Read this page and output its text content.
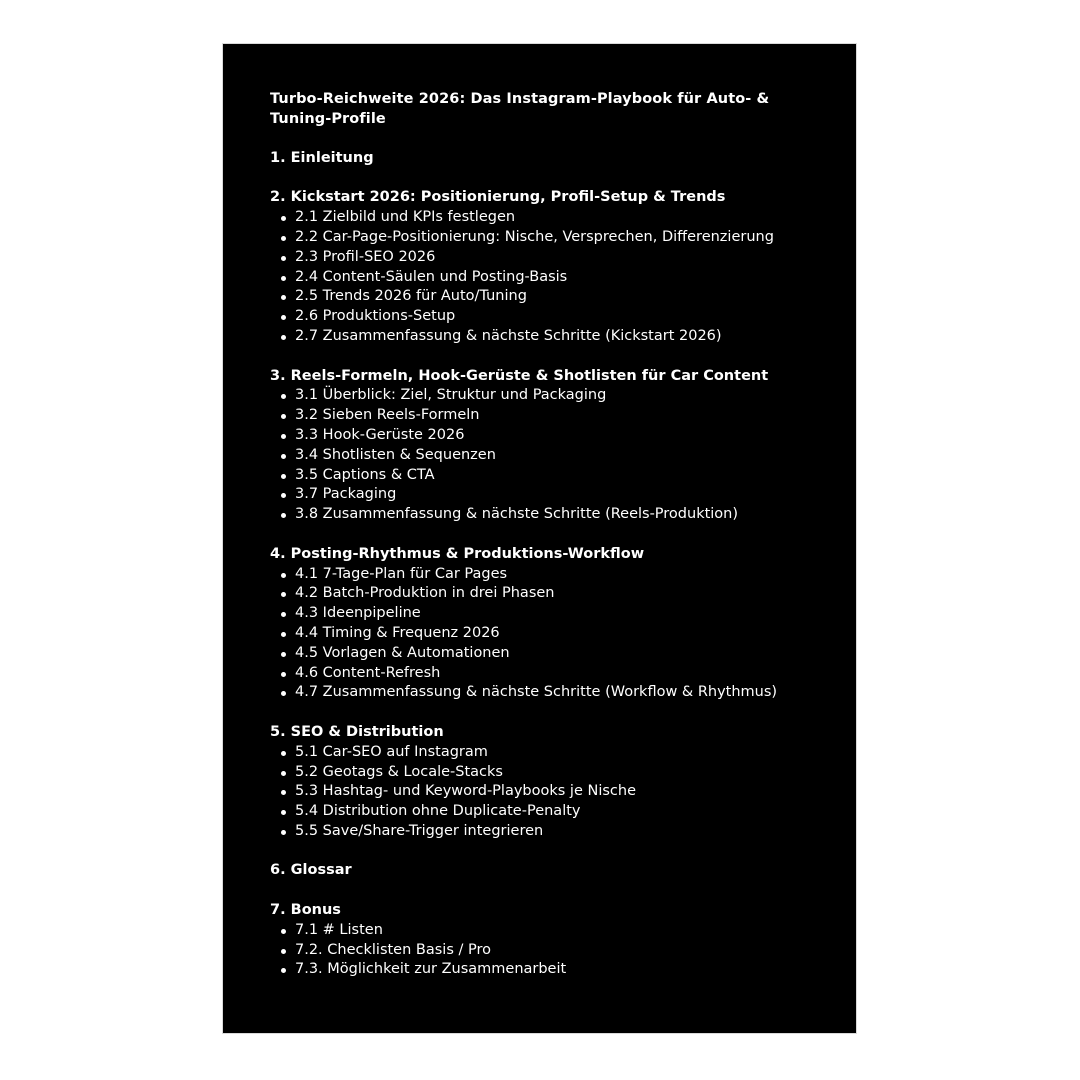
Turbo-Reichweite 2026: Das Instagram-Playbook für Auto- & Tuning-Profile
1. Einleitung
2. Kickstart 2026: Positionierung, Profil-Setup & Trends
2.1 Zielbild und KPIs festlegen
2.2 Car-Page-Positionierung: Nische, Versprechen, Differenzierung
2.3 Profil-SEO 2026
2.4 Content-Säulen und Posting-Basis
2.5 Trends 2026 für Auto/Tuning
2.6 Produktions-Setup
2.7 Zusammenfassung & nächste Schritte (Kickstart 2026)
3. Reels-Formeln, Hook-Gerüste & Shotlisten für Car Content
3.1 Überblick: Ziel, Struktur und Packaging
3.2 Sieben Reels-Formeln
3.3 Hook-Gerüste 2026
3.4 Shotlisten & Sequenzen
3.5 Captions & CTA
3.7 Packaging
3.8 Zusammenfassung & nächste Schritte (Reels-Produktion)
4. Posting-Rhythmus & Produktions-Workflow
4.1 7-Tage-Plan für Car Pages
4.2 Batch-Produktion in drei Phasen
4.3 Ideenpipeline
4.4 Timing & Frequenz 2026
4.5 Vorlagen & Automationen
4.6 Content-Refresh
4.7 Zusammenfassung & nächste Schritte (Workflow & Rhythmus)
5. SEO & Distribution
5.1 Car-SEO auf Instagram
5.2 Geotags & Locale-Stacks
5.3 Hashtag- und Keyword-Playbooks je Nische
5.4 Distribution ohne Duplicate-Penalty
5.5 Save/Share-Trigger integrieren
6. Glossar
7. Bonus
7.1 # Listen
7.2. Checklisten Basis / Pro
7.3. Möglichkeit zur Zusammenarbeit
